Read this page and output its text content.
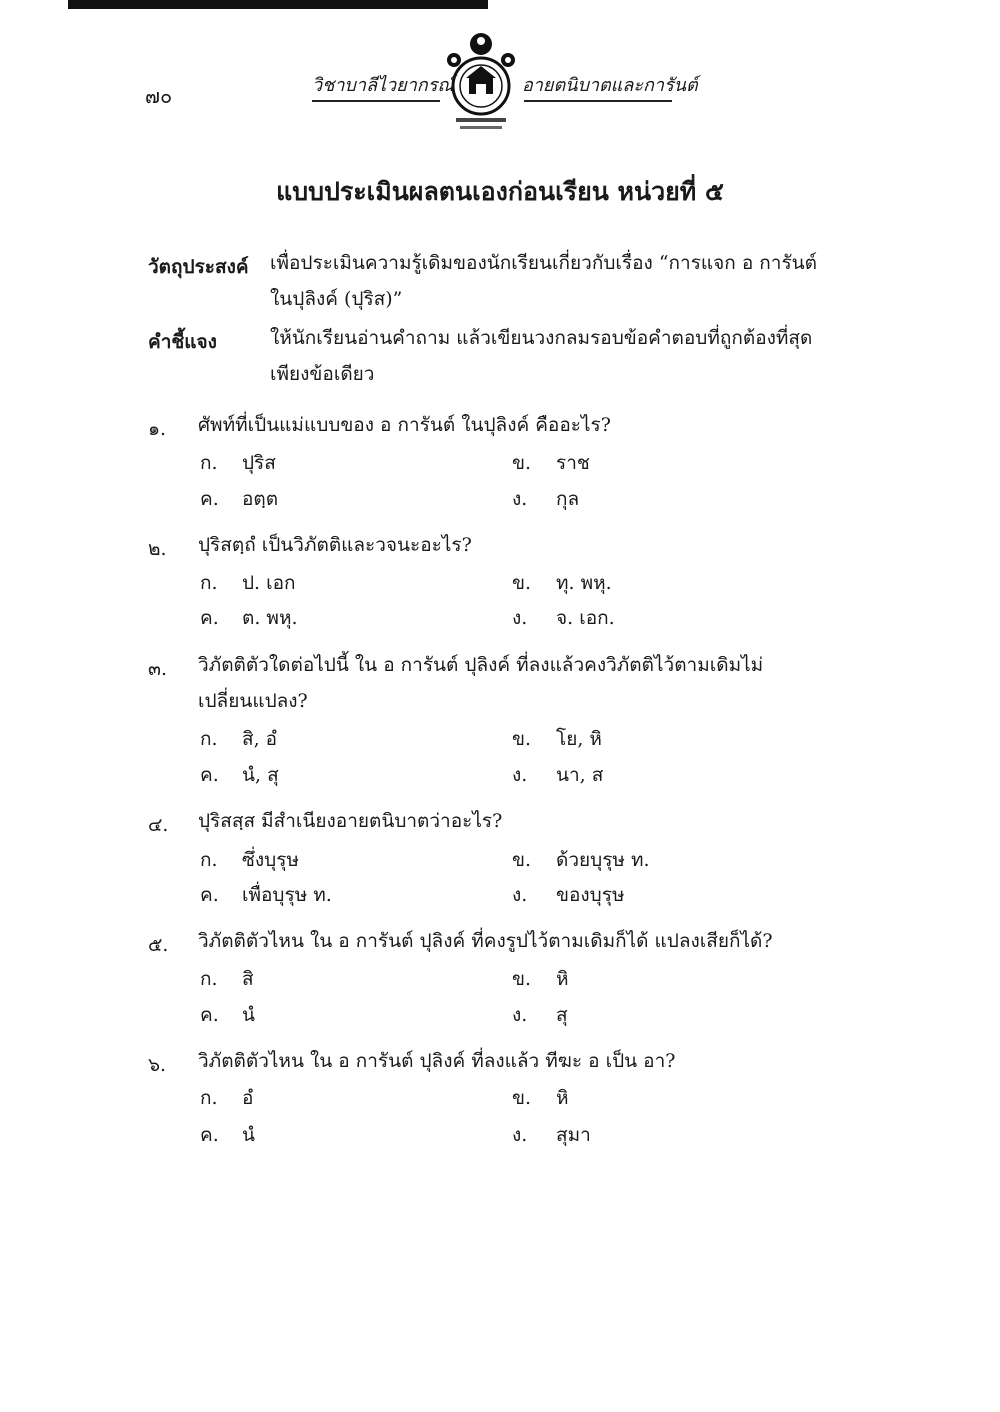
๗๐	วิชาบาลีไวยากรณ์	อายตนิบาตและการันต์
แบบประเมินผลตนเองก่อนเรียน หน่วยที่ ๕
วัตถุประสงค์ เพื่อประเมินความรู้เดิมของนักเรียนเกี่ยวกับเรื่อง “การแจก อ การันต์ ในปุลิงค์ (ปุริส)”
คำชี้แจง	ให้นักเรียนอ่านคำถาม แล้วเขียนวงกลมรอบข้อคำตอบที่ถูกต้องที่สุดเพียงข้อเดียว
๑. ศัพท์ที่เป็นแม่แบบของ อ การันต์ ในปุลิงค์ คืออะไร?
ก. ปุริส	ข. ราช
ค. อตฺต	ง. กุล
๒. ปุริสตฺถํ เป็นวิภัตติและวจนะอะไร?
ก. ป. เอก	ข. ทุ. พหุ.
ค. ต. พหุ.	ง. จ. เอก.
๓. วิภัตติตัวใดต่อไปนี้ ใน อ การันต์ ปุลิงค์ ที่ลงแล้วคงวิภัตติไว้ตามเดิมไม่เปลี่ยนแปลง?
ก. สิ, อํ	ข. โย, หิ
ค. นํ, สุ	ง. นา, ส
๔. ปุริสสฺส มีสำเนียงอายตนิบาตว่าอะไร?
ก. ซึ่งบุรุษ	ข. ด้วยบุรุษ ท.
ค. เพื่อบุรุษ ท.	ง. ของบุรุษ
๕. วิภัตติตัวไหน ใน อ การันต์ ปุลิงค์ ที่คงรูปไว้ตามเดิมก็ได้ แปลงเสียก็ได้?
ก. สิ	ข. หิ
ค. นํ	ง. สุ
๖. วิภัตติตัวไหน ใน อ การันต์ ปุลิงค์ ที่ลงแล้ว ทีฆะ อ เป็น อา?
ก. อํ	ข. หิ
ค. นํ	ง. สุมา
